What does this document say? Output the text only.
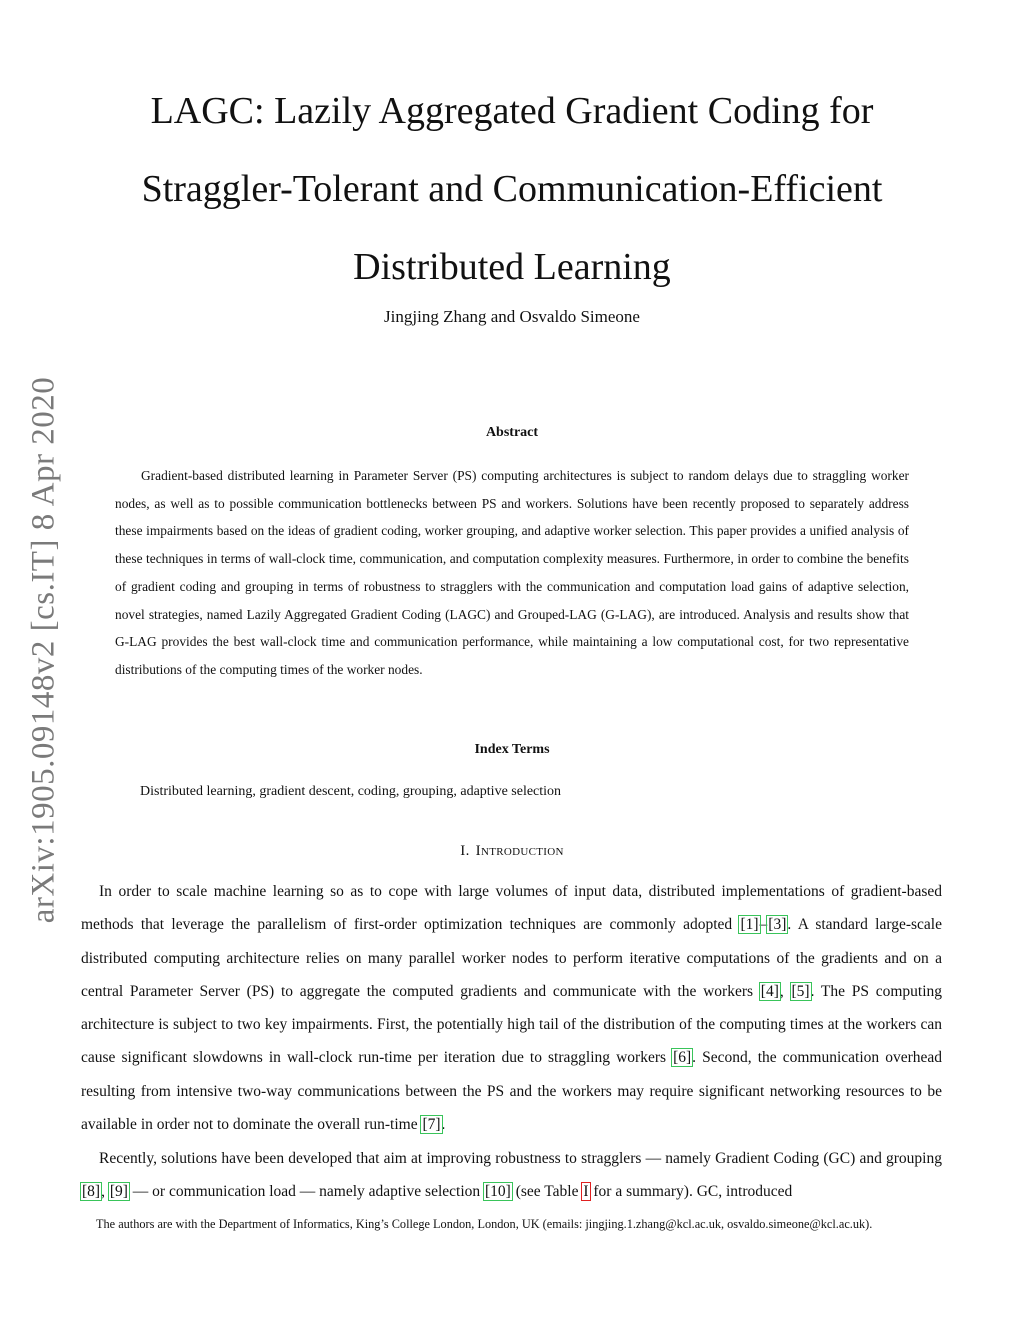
arXiv:1905.09148v2 [cs.IT] 8 Apr 2020
LAGC: Lazily Aggregated Gradient Coding for
Straggler-Tolerant and Communication-Efficient
Distributed Learning
Jingjing Zhang and Osvaldo Simeone
Abstract

Gradient-based distributed learning in Parameter Server (PS) computing architectures is subject to random delays due to straggling worker nodes, as well as to possible communication bottlenecks between PS and workers. Solutions have been recently proposed to separately address these impairments based on the ideas of gradient coding, worker grouping, and adaptive worker selection. This paper provides a unified analysis of these techniques in terms of wall-clock time, communication, and computation complexity measures. Furthermore, in order to combine the benefits of gradient coding and grouping in terms of robustness to stragglers with the communication and computation load gains of adaptive selection, novel strategies, named Lazily Aggregated Gradient Coding (LAGC) and Grouped-LAG (G-LAG), are introduced. Analysis and results show that G-LAG provides the best wall-clock time and communication performance, while maintaining a low computational cost, for two representative distributions of the computing times of the worker nodes.

Index Terms
Distributed learning, gradient descent, coding, grouping, adaptive selection
I. Introduction

In order to scale machine learning so as to cope with large volumes of input data, distributed implementations of gradient-based methods that leverage the parallelism of first-order optimization techniques are commonly adopted [1]–[3]. A standard large-scale distributed computing architecture relies on many parallel worker nodes to perform iterative computations of the gradients and on a central Parameter Server (PS) to aggregate the computed gradients and communicate with the workers [4], [5]. The PS computing architecture is subject to two key impairments. First, the potentially high tail of the distribution of the computing times at the workers can cause significant slowdowns in wall-clock run-time per iteration due to straggling workers [6]. Second, the communication overhead resulting from intensive two-way communications between the PS and the workers may require significant networking resources to be available in order not to dominate the overall run-time [7].

Recently, solutions have been developed that aim at improving robustness to stragglers — namely Gradient Coding (GC) and grouping [8], [9] — or communication load — namely adaptive selection [10] (see Table I for a summary). GC, introduced

The authors are with the Department of Informatics, King’s College London, London, UK (emails: jingjing.1.zhang@kcl.ac.uk, osvaldo.simeone@kcl.ac.uk).
